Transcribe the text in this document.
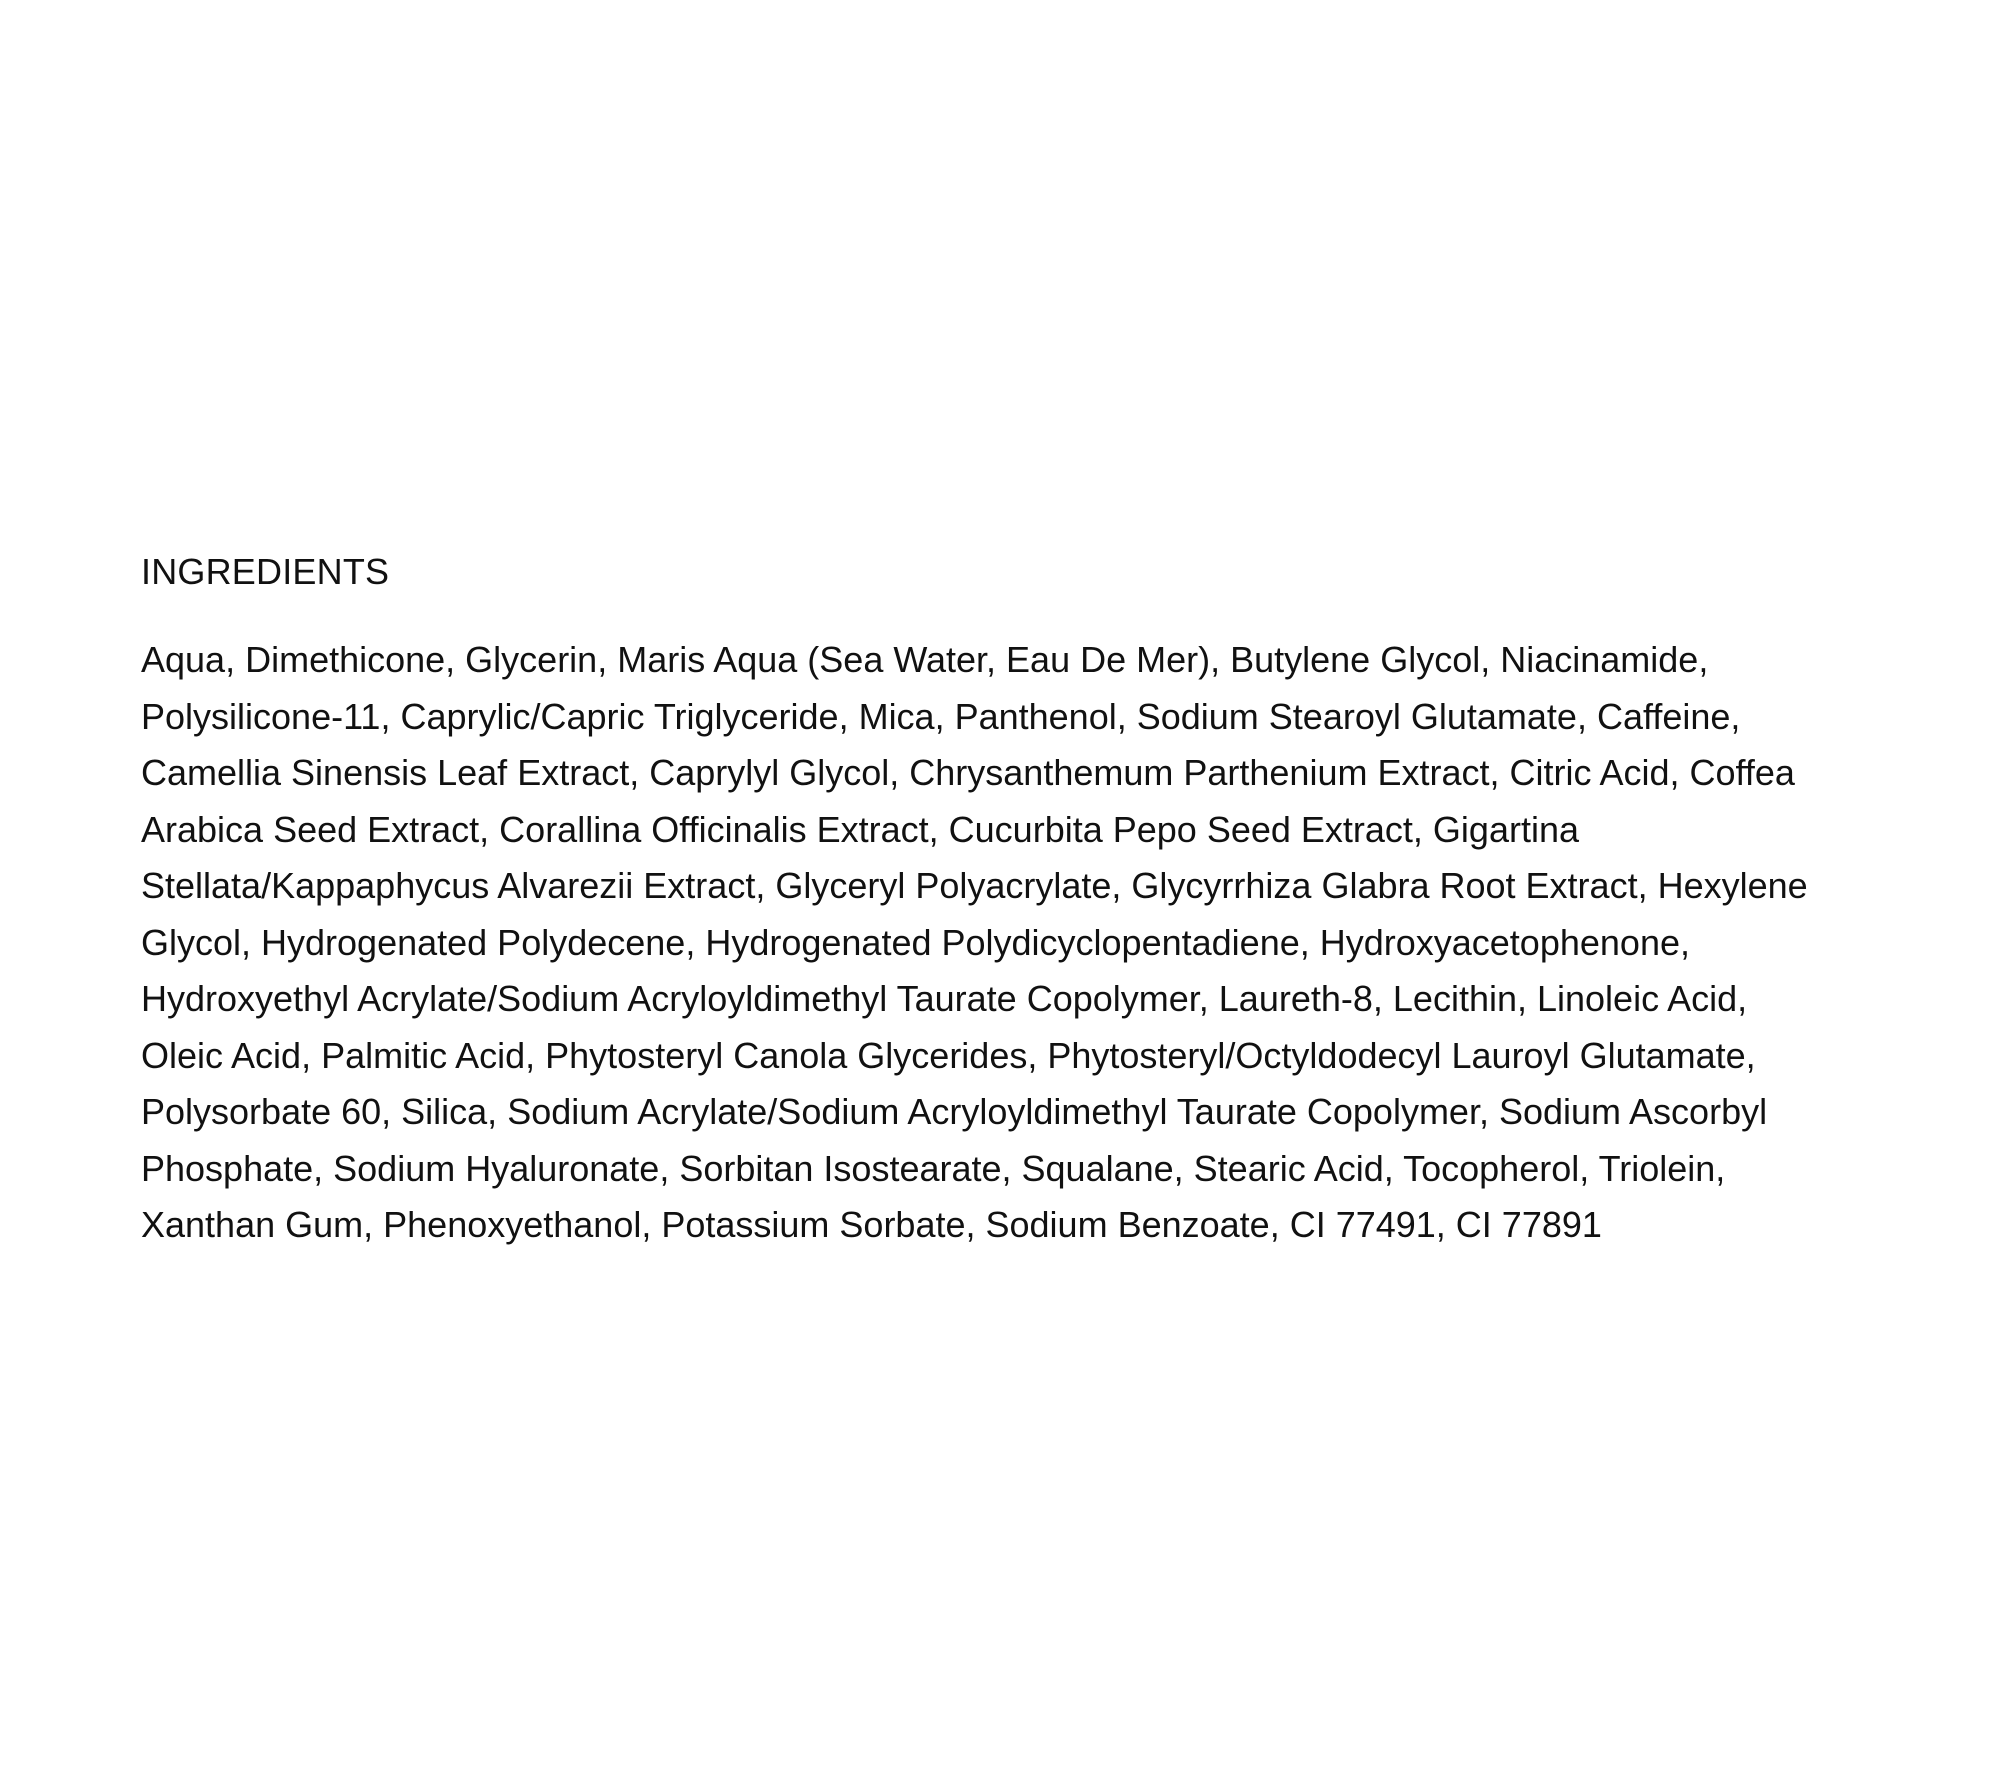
INGREDIENTS

Aqua, Dimethicone, Glycerin, Maris Aqua (Sea Water, Eau De Mer), Butylene Glycol, Niacinamide,
Polysilicone-11, Caprylic/Capric Triglyceride, Mica, Panthenol, Sodium Stearoyl Glutamate, Caffeine,
Camellia Sinensis Leaf Extract, Caprylyl Glycol, Chrysanthemum Parthenium Extract, Citric Acid, Coffea
Arabica Seed Extract, Corallina Officinalis Extract, Cucurbita Pepo Seed Extract, Gigartina
Stellata/Kappaphycus Alvarezii Extract, Glyceryl Polyacrylate, Glycyrrhiza Glabra Root Extract, Hexylene
Glycol, Hydrogenated Polydecene, Hydrogenated Polydicyclopentadiene, Hydroxyacetophenone,
Hydroxyethyl Acrylate/Sodium Acryloyldimethyl Taurate Copolymer, Laureth-8, Lecithin, Linoleic Acid,
Oleic Acid, Palmitic Acid, Phytosteryl Canola Glycerides, Phytosteryl/Octyldodecyl Lauroyl Glutamate,
Polysorbate 60, Silica, Sodium Acrylate/Sodium Acryloyldimethyl Taurate Copolymer, Sodium Ascorbyl
Phosphate, Sodium Hyaluronate, Sorbitan Isostearate, Squalane, Stearic Acid, Tocopherol, Triolein,
Xanthan Gum, Phenoxyethanol, Potassium Sorbate, Sodium Benzoate, CI 77491, CI 77891
